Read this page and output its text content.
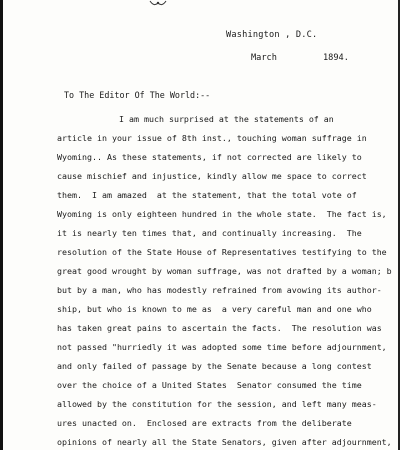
Washington , D.C.
March	1894.
To The Editor Of The World:--
I am much surprised at the statements of an
article in your issue of 8th inst., touching woman suffrage in
Wyoming.. As these statements, if not corrected are likely to
cause mischief and injustice, kindly allow me space to correct
them.  I am amazed  at the statement, that the total vote of
Wyoming is only eighteen hundred in the whole state.  The fact is,
it is nearly ten times that, and continually increasing.  The
resolution of the State House of Representatives testifying to the
great good wrought by woman suffrage, was not drafted by a woman; b
but by a man, who has modestly refrained from avowing its author-
ship, but who is known to me as  a very careful man and one who
has taken great pains to ascertain the facts.  The resolution was
not passed "hurriedly it was adopted some time before adjournment,
and only failed of passage by the Senate because a long contest
over the choice of a United States  Senator consumed the time
allowed by the constitution for the session, and left many meas-
ures unacted on.  Enclosed are extracts from the deliberate
opinions of nearly all the State Senators, given after adjournment,
